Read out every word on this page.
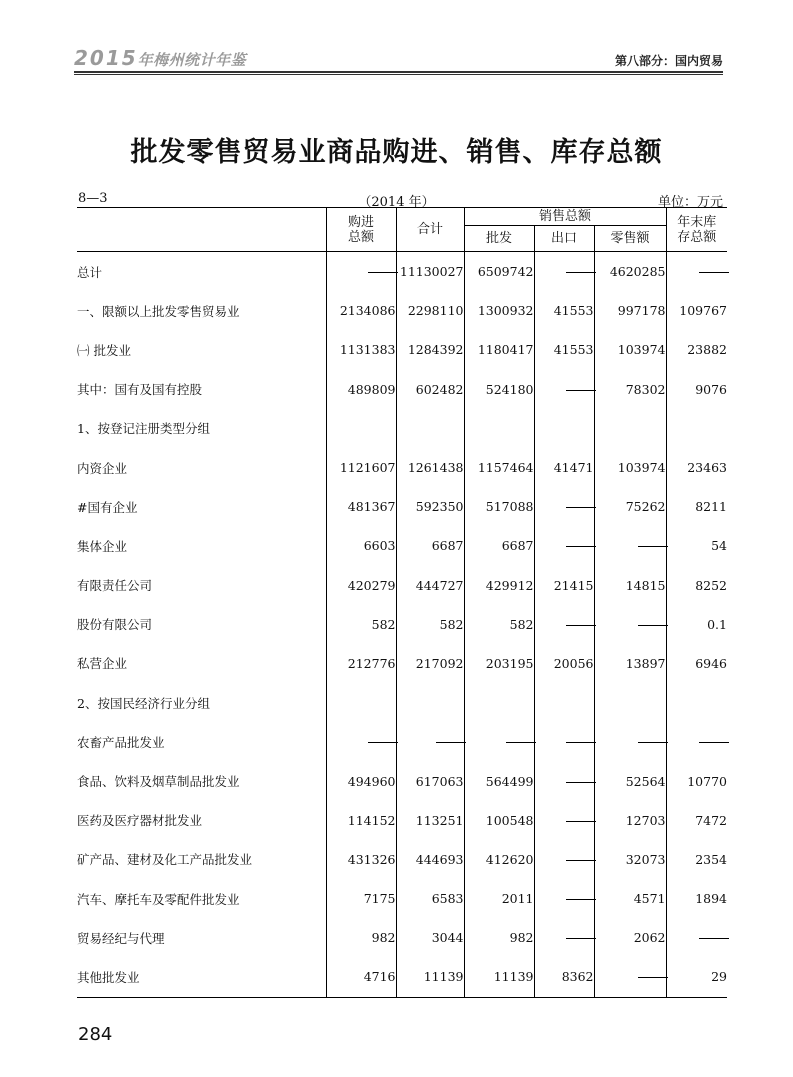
2015年梅州统计年鉴	第八部分：国内贸易
批发零售贸易业商品购进、销售、库存总额
8—3	（2014 年）	单位：万元
	购进
总额	合计	销售总额			年末库
存总额
			批发	出口	零售额	
总计		11130027	6509742		4620285	
一、限额以上批发零售贸易业	2134086	2298110	1300932	41553	997178	109767
㈠ 批发业	1131383	1284392	1180417	41553	103974	23882
其中：国有及国有控股	489809	602482	524180		78302	9076
1、按登记注册类型分组						
内资企业	1121607	1261438	1157464	41471	103974	23463
#国有企业	481367	592350	517088		75262	8211
集体企业	6603	6687	6687			54
有限责任公司	420279	444727	429912	21415	14815	8252
股份有限公司	582	582	582			0.1
私营企业	212776	217092	203195	20056	13897	6946
2、按国民经济行业分组						
农畜产品批发业						
食品、饮料及烟草制品批发业	494960	617063	564499		52564	10770
医药及医疗器材批发业	114152	113251	100548		12703	7472
矿产品、建材及化工产品批发业	431326	444693	412620		32073	2354
汽车、摩托车及零配件批发业	7175	6583	2011		4571	1894
贸易经纪与代理	982	3044	982		2062	
其他批发业	4716	11139	11139	8362		29
284
